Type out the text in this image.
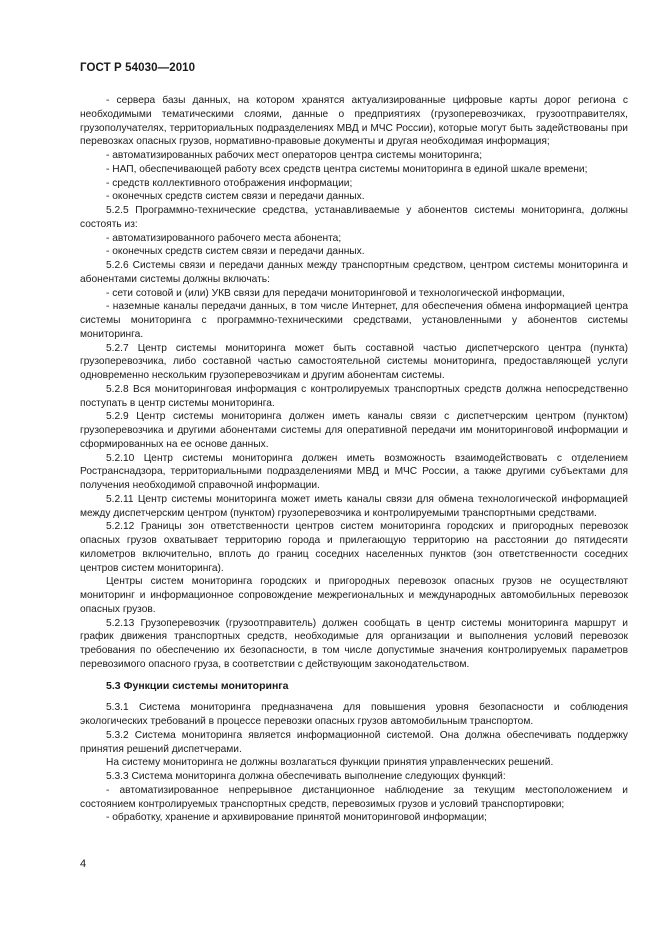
ГОСТ Р 54030—2010

- сервера базы данных, на котором хранятся актуализированные цифровые карты дорог региона с необходимыми тематическими слоями, данные о предприятиях (грузоперевозчиках, грузоотправителях, грузополучателях, территориальных подразделениях МВД и МЧС России), которые могут быть задействованы при перевозках опасных грузов, нормативно-правовые документы и другая необходимая информация;

- автоматизированных рабочих мест операторов центра системы мониторинга;

- НАП, обеспечивающей работу всех средств центра системы мониторинга в единой шкале времени;

- средств коллективного отображения информации;

- оконечных средств систем связи и передачи данных.

5.2.5 Программно-технические средства, устанавливаемые у абонентов системы мониторинга, должны состоять из:

- автоматизированного рабочего места абонента;

- оконечных средств систем связи и передачи данных.

5.2.6 Системы связи и передачи данных между транспортным средством, центром системы мониторинга и абонентами системы должны включать:

- сети сотовой и (или) УКВ связи для передачи мониторинговой и технологической информации,

- наземные каналы передачи данных, в том числе Интернет, для обеспечения обмена информацией центра системы мониторинга с программно-техническими средствами, установленными у абонентов системы мониторинга.

5.2.7 Центр системы мониторинга может быть составной частью диспетчерского центра (пункта) грузоперевозчика, либо составной частью самостоятельной системы мониторинга, предоставляющей услуги одновременно нескольким грузоперевозчикам и другим абонентам системы.

5.2.8 Вся мониторинговая информация с контролируемых транспортных средств должна непосредственно поступать в центр системы мониторинга.

5.2.9 Центр системы мониторинга должен иметь каналы связи с диспетчерским центром (пунктом) грузоперевозчика и другими абонентами системы для оперативной передачи им мониторинговой информации и сформированных на ее основе данных.

5.2.10 Центр системы мониторинга должен иметь возможность взаимодействовать с отделением Ространснадзора, территориальными подразделениями МВД и МЧС России, а также другими субъектами для получения необходимой справочной информации.

5.2.11 Центр системы мониторинга может иметь каналы связи для обмена технологической информацией между диспетчерским центром (пунктом) грузоперевозчика и контролируемыми транспортными средствами.

5.2.12 Границы зон ответственности центров систем мониторинга городских и пригородных перевозок опасных грузов охватывает территорию города и прилегающую территорию на расстоянии до пятидесяти километров включительно, вплоть до границ соседних населенных пунктов (зон ответственности соседних центров систем мониторинга).

Центры систем мониторинга городских и пригородных перевозок опасных грузов не осуществляют мониторинг и информационное сопровождение межрегиональных и международных автомобильных перевозок опасных грузов.

5.2.13 Грузоперевозчик (грузоотправитель) должен сообщать в центр системы мониторинга маршрут и график движения транспортных средств, необходимые для организации и выполнения условий перевозок требования по обеспечению их безопасности, в том числе допустимые значения контролируемых параметров перевозимого опасного груза, в соответствии с действующим законодательством.

5.3 Функции системы мониторинга

5.3.1 Система мониторинга предназначена для повышения уровня безопасности и соблюдения экологических требований в процессе перевозки опасных грузов автомобильным транспортом.

5.3.2 Система мониторинга является информационной системой. Она должна обеспечивать поддержку принятия решений диспетчерами.

На систему мониторинга не должны возлагаться функции принятия управленческих решений.

5.3.3 Система мониторинга должна обеспечивать выполнение следующих функций:

- автоматизированное непрерывное дистанционное наблюдение за текущим местоположением и состоянием контролируемых транспортных средств, перевозимых грузов и условий транспортировки;

- обработку, хранение и архивирование принятой мониторинговой информации;

4
